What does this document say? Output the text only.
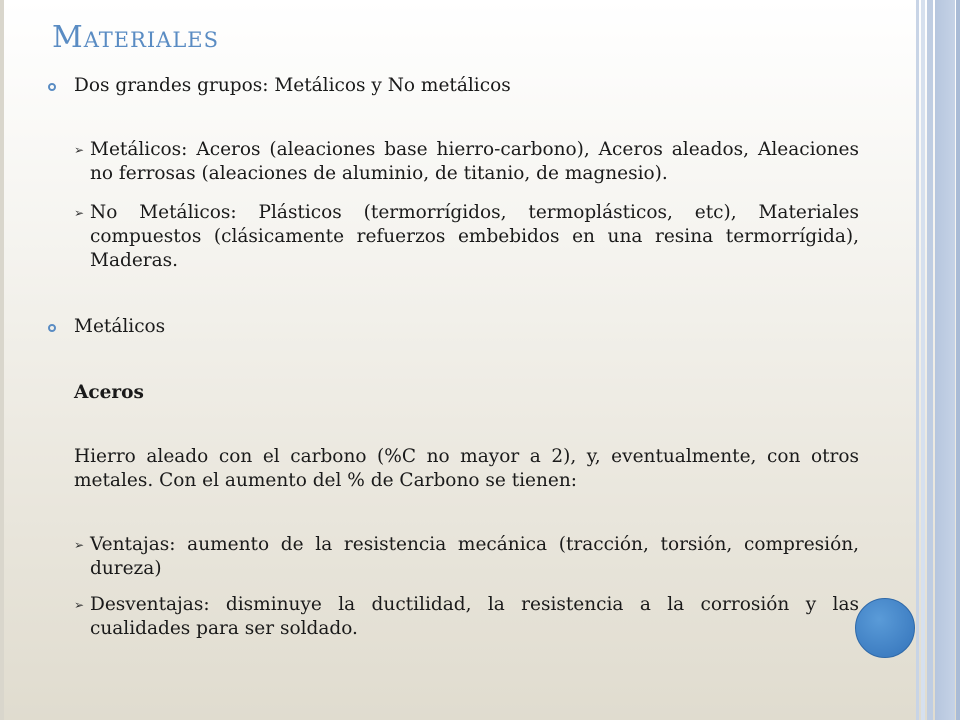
Materiales

Dos grandes grupos: Metálicos y No metálicos

➢ Metálicos: Aceros (aleaciones base hierro-carbono), Aceros aleados, Aleaciones no ferrosas (aleaciones de aluminio, de titanio, de magnesio).

➢ No Metálicos: Plásticos (termorrígidos, termoplásticos, etc), Materiales compuestos (clásicamente refuerzos embebidos en una resina termorrígida), Maderas.

Metálicos

Aceros

Hierro aleado con el carbono (%C no mayor a 2), y, eventualmente, con otros metales. Con el aumento del % de Carbono se tienen:

➢ Ventajas: aumento de la resistencia mecánica (tracción, torsión, compresión, dureza)

➢ Desventajas: disminuye la ductilidad, la resistencia a la corrosión y las cualidades para ser soldado.
